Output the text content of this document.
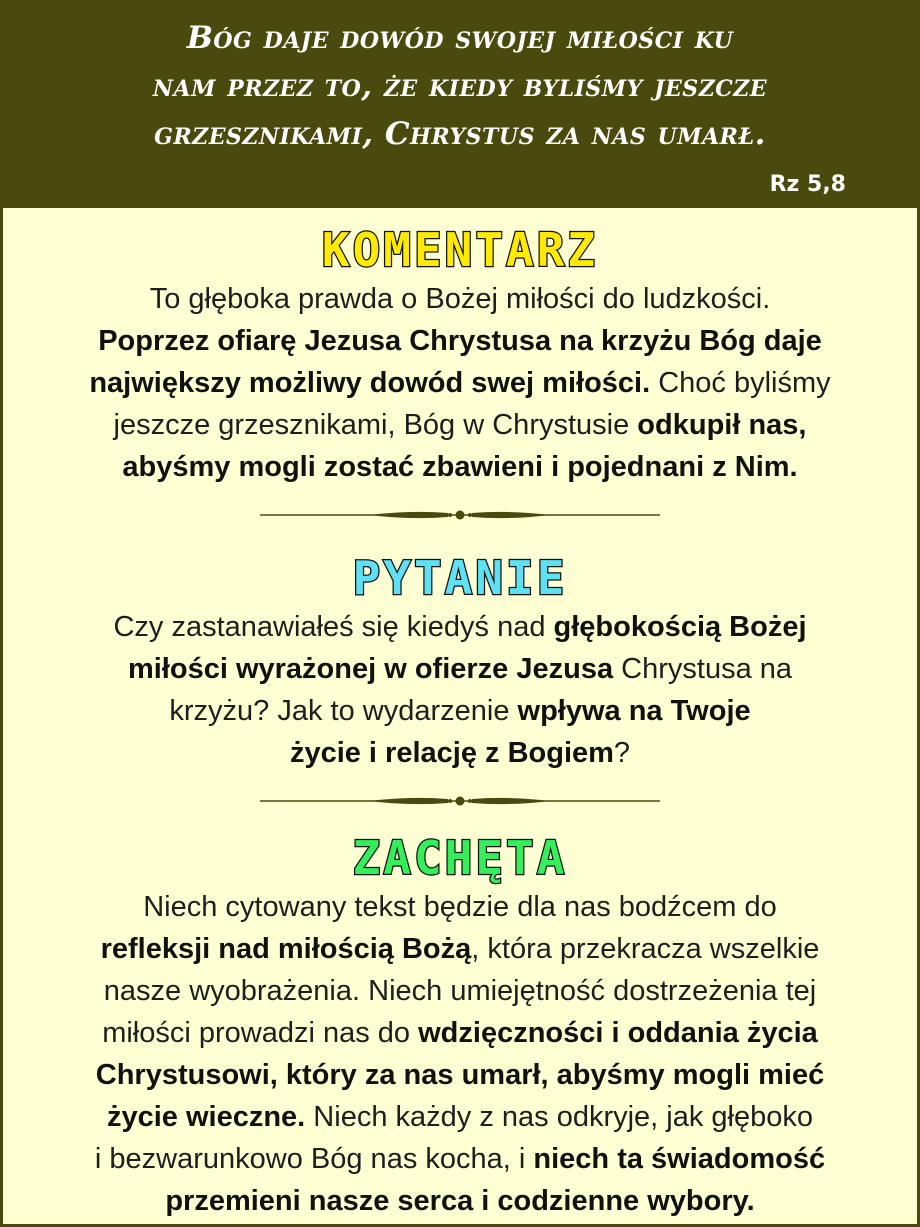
Bóg daje dowód swojej miłości ku
nam przez to, że kiedy byliśmy jeszcze
grzesznikami, Chrystus za nas umarł.
Rz 5,8
KOMENTARZ
To głęboka prawda o Bożej miłości do ludzkości.
Poprzez ofiarę Jezusa Chrystusa na krzyżu Bóg daje
największy możliwy dowód swej miłości. Choć byliśmy
jeszcze grzesznikami, Bóg w Chrystusie odkupił nas,
abyśmy mogli zostać zbawieni i pojednani z Nim.
PYTANIE
Czy zastanawiałeś się kiedyś nad głębokością Bożej
miłości wyrażonej w ofierze Jezusa Chrystusa na
krzyżu? Jak to wydarzenie wpływa na Twoje
życie i relację z Bogiem?
ZACHĘTA
Niech cytowany tekst będzie dla nas bodźcem do
refleksji nad miłością Bożą, która przekracza wszelkie
nasze wyobrażenia. Niech umiejętność dostrzeżenia tej
miłości prowadzi nas do wdzięczności i oddania życia
Chrystusowi, który za nas umarł, abyśmy mogli mieć
życie wieczne. Niech każdy z nas odkryje, jak głęboko
i bezwarunkowo Bóg nas kocha, i niech ta świadomość
przemieni nasze serca i codzienne wybory.
